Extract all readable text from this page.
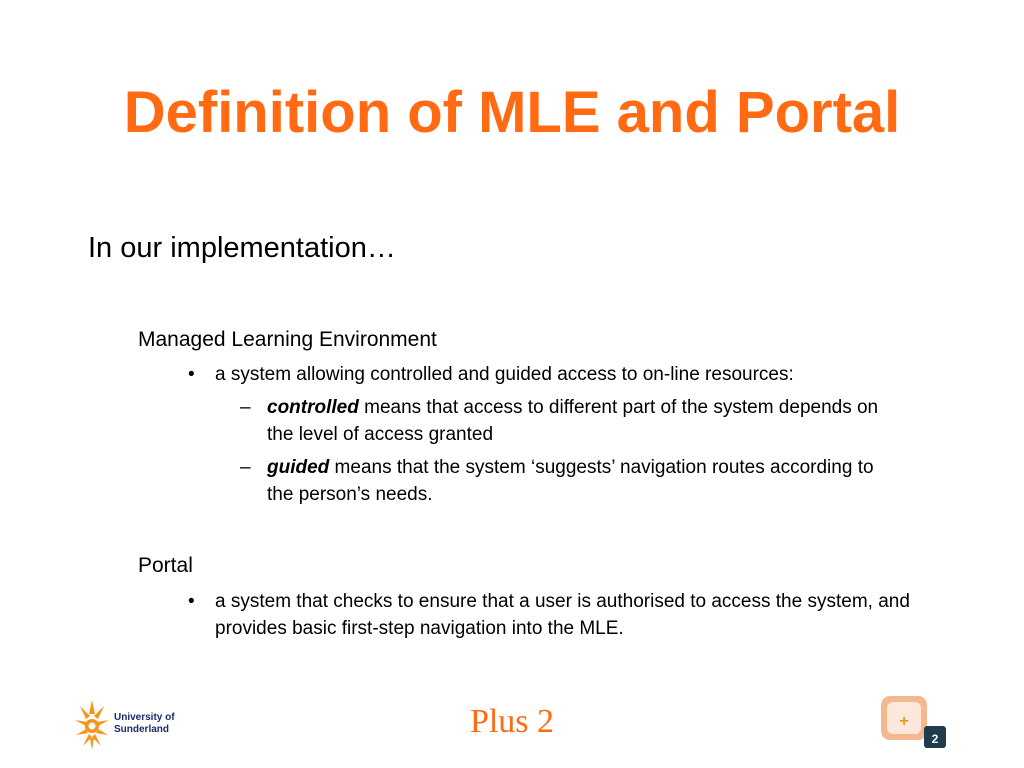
Definition of MLE and Portal

In our implementation…

Managed Learning Environment

•	a system allowing controlled and guided access to on-line resources:
– controlled means that access to different part of the system depends on the level of access granted
– guided means that the system ‘suggests’ navigation routes according to the person’s needs.

Portal

•	a system that checks to ensure that a user is authorised to access the system, and provides basic first-step navigation into the MLE.
University of
Sunderland	Plus 2	+
2
